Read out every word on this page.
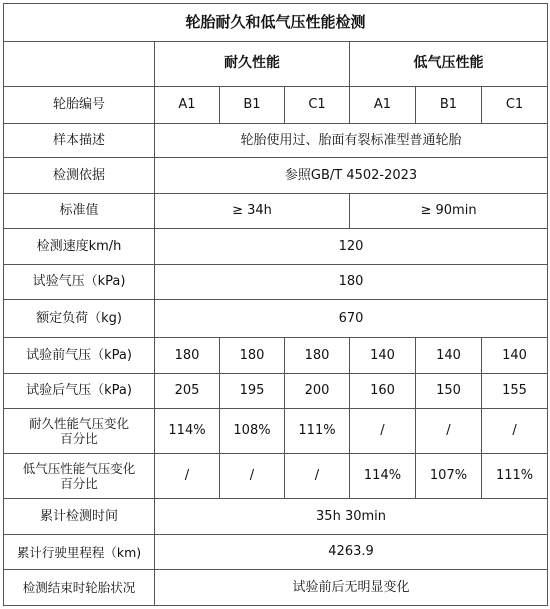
轮胎耐久和低气压性能检测						
	耐久性能			低气压性能		
轮胎编号	A1	B1	C1	A1	B1	C1
样本描述	轮胎使用过、胎面有裂标准型普通轮胎					
检测依据	参照GB/T 4502-2023					
标准值	≥ 34h			≥ 90min		
检测速度km/h	120					
试验气压（kPa)	180					
额定负荷（kg)	670					
试验前气压（kPa)	180	180	180	140	140	140
试验后气压（kPa)	205	195	200	160	150	155
耐久性能气压变化
百分比	114%	108%	111%	/	/	/
低气压性能气压变化
百分比	/	/	/	114%	107%	111%
累计检测时间	35h 30min					
累计行驶里程程（km)	4263.9					
检测结束时轮胎状况	试验前后无明显变化					
